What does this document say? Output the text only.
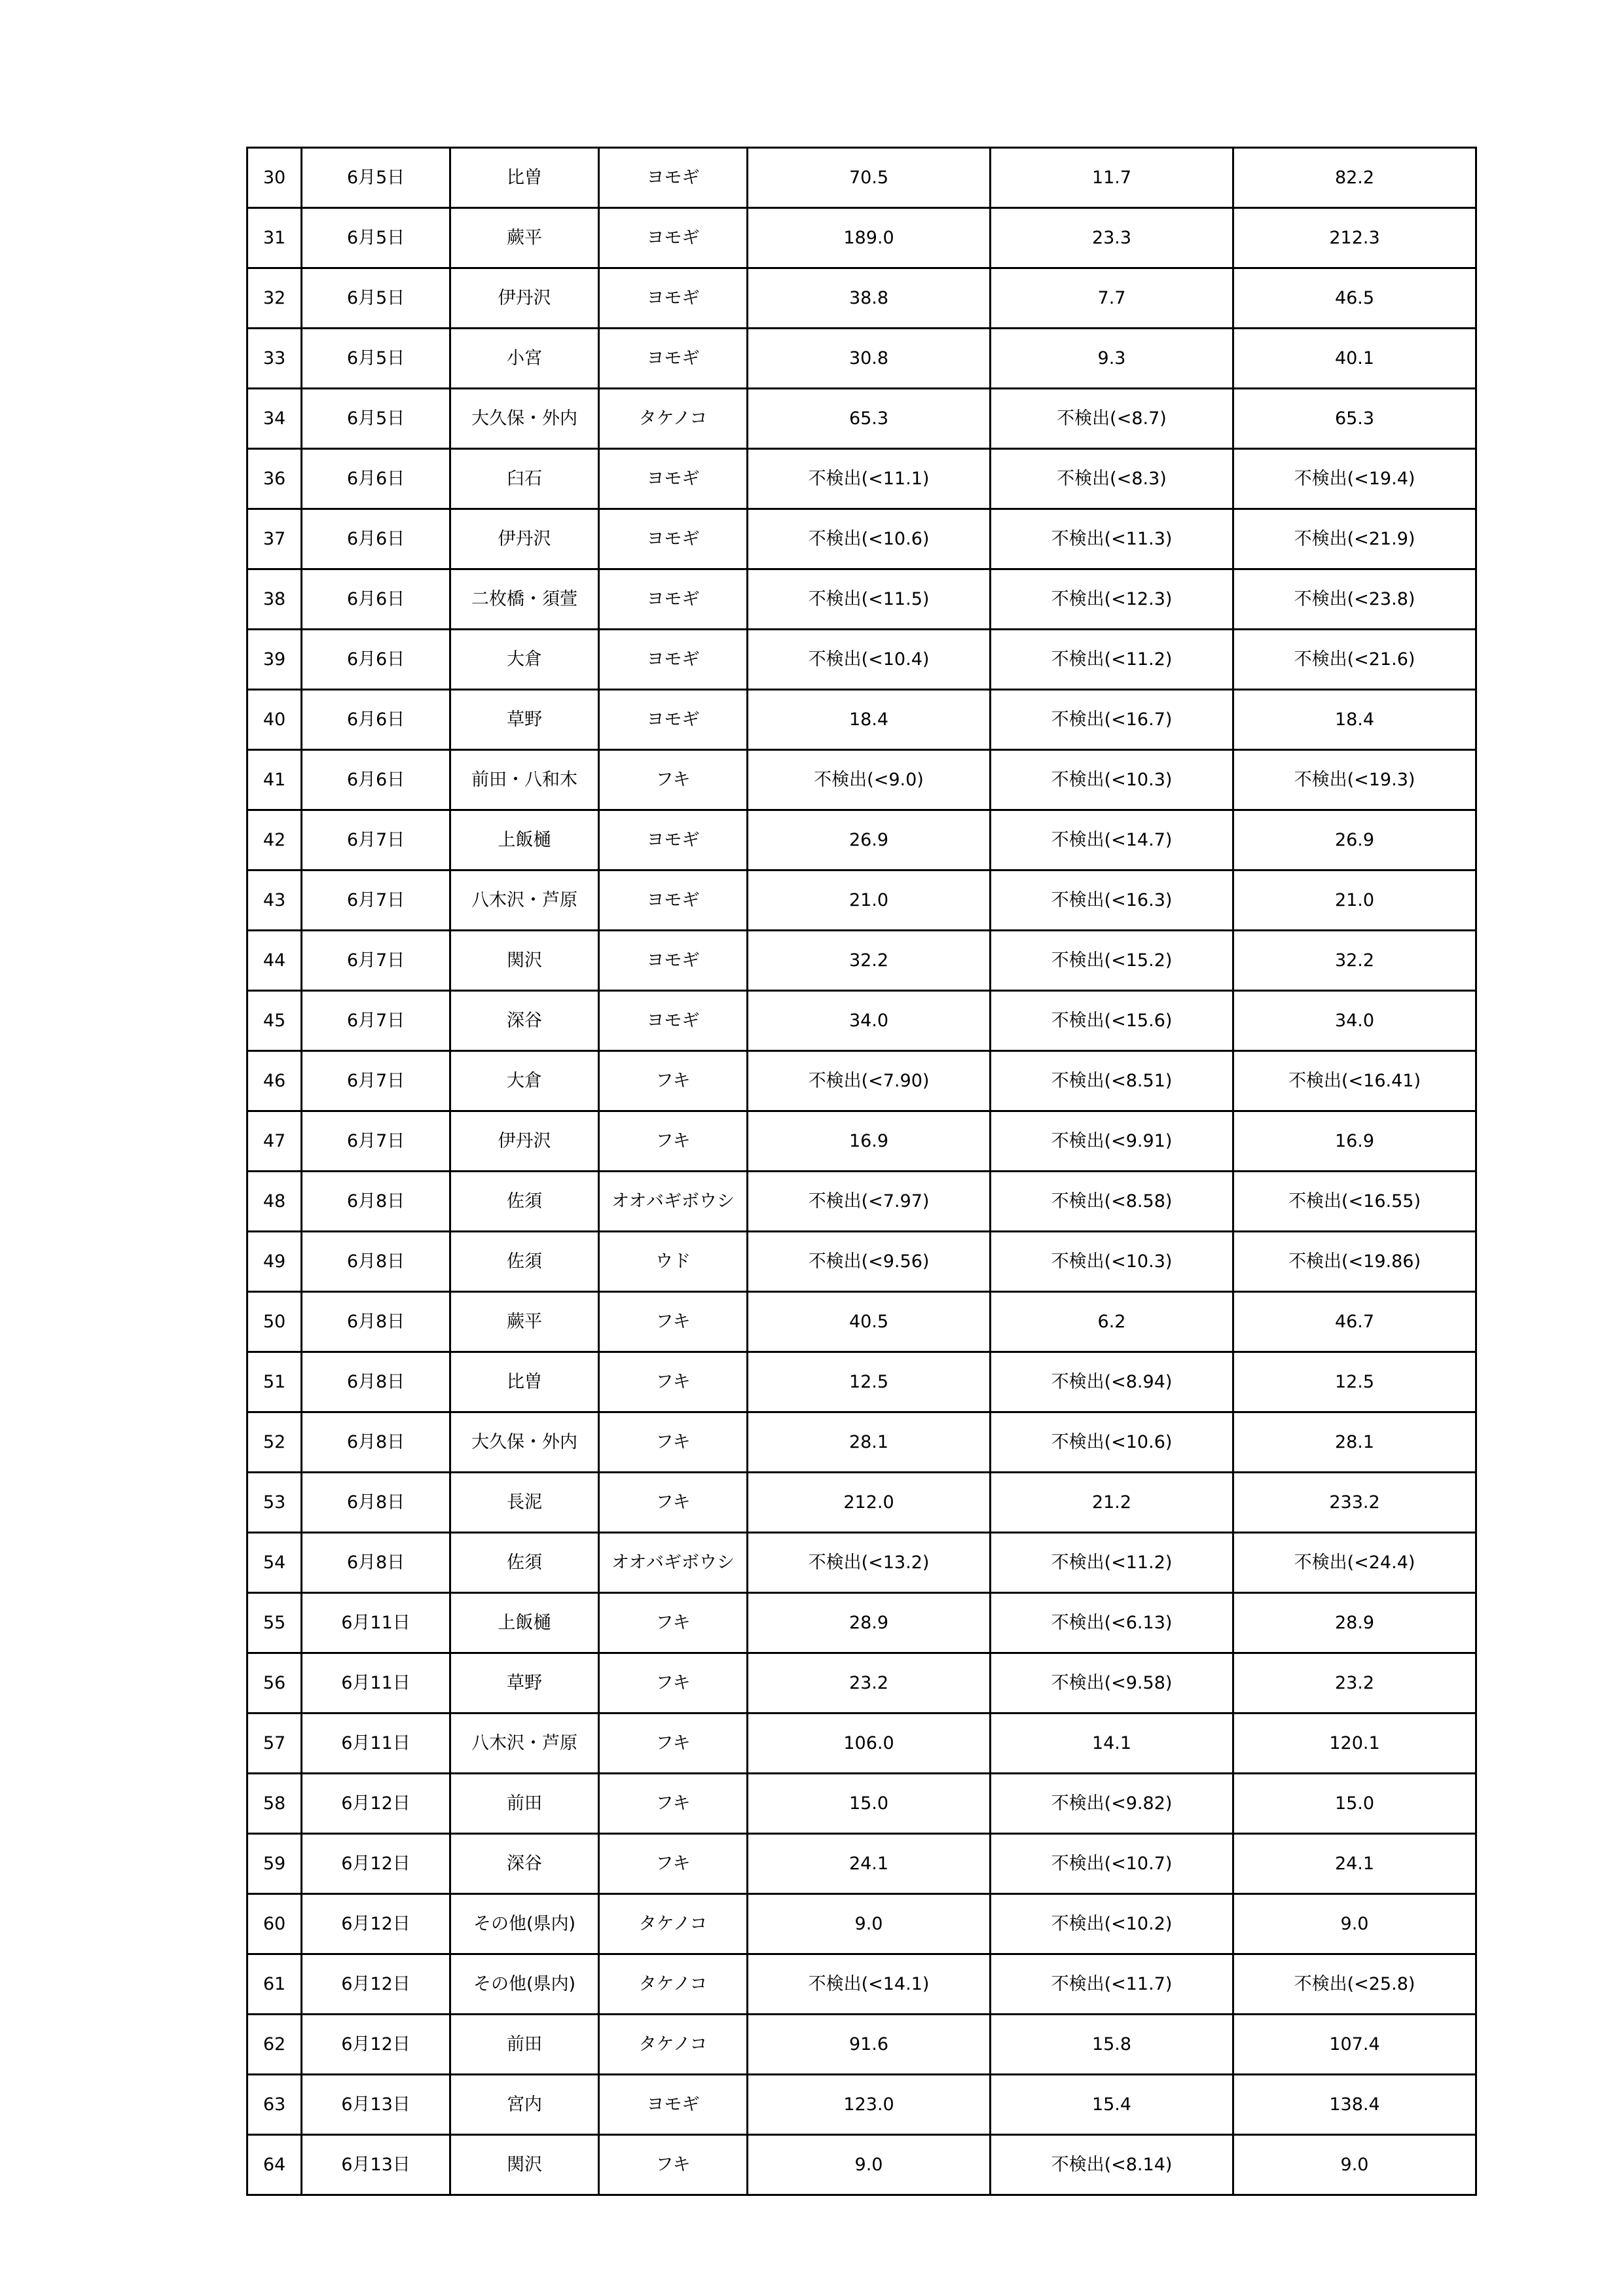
30	6月5日	比曽	ヨモギ	70.5	11.7	82.2
31	6月5日	蕨平	ヨモギ	189.0	23.3	212.3
32	6月5日	伊丹沢	ヨモギ	38.8	7.7	46.5
33	6月5日	小宮	ヨモギ	30.8	9.3	40.1
34	6月5日	大久保・外内	タケノコ	65.3	不検出(<8.7)	65.3
36	6月6日	臼石	ヨモギ	不検出(<11.1)	不検出(<8.3)	不検出(<19.4)
37	6月6日	伊丹沢	ヨモギ	不検出(<10.6)	不検出(<11.3)	不検出(<21.9)
38	6月6日	二枚橋・須萱	ヨモギ	不検出(<11.5)	不検出(<12.3)	不検出(<23.8)
39	6月6日	大倉	ヨモギ	不検出(<10.4)	不検出(<11.2)	不検出(<21.6)
40	6月6日	草野	ヨモギ	18.4	不検出(<16.7)	18.4
41	6月6日	前田・八和木	フキ	不検出(<9.0)	不検出(<10.3)	不検出(<19.3)
42	6月7日	上飯樋	ヨモギ	26.9	不検出(<14.7)	26.9
43	6月7日	八木沢・芦原	ヨモギ	21.0	不検出(<16.3)	21.0
44	6月7日	関沢	ヨモギ	32.2	不検出(<15.2)	32.2
45	6月7日	深谷	ヨモギ	34.0	不検出(<15.6)	34.0
46	6月7日	大倉	フキ	不検出(<7.90)	不検出(<8.51)	不検出(<16.41)
47	6月7日	伊丹沢	フキ	16.9	不検出(<9.91)	16.9
48	6月8日	佐須	オオバギボウシ	不検出(<7.97)	不検出(<8.58)	不検出(<16.55)
49	6月8日	佐須	ウド	不検出(<9.56)	不検出(<10.3)	不検出(<19.86)
50	6月8日	蕨平	フキ	40.5	6.2	46.7
51	6月8日	比曽	フキ	12.5	不検出(<8.94)	12.5
52	6月8日	大久保・外内	フキ	28.1	不検出(<10.6)	28.1
53	6月8日	長泥	フキ	212.0	21.2	233.2
54	6月8日	佐須	オオバギボウシ	不検出(<13.2)	不検出(<11.2)	不検出(<24.4)
55	6月11日	上飯樋	フキ	28.9	不検出(<6.13)	28.9
56	6月11日	草野	フキ	23.2	不検出(<9.58)	23.2
57	6月11日	八木沢・芦原	フキ	106.0	14.1	120.1
58	6月12日	前田	フキ	15.0	不検出(<9.82)	15.0
59	6月12日	深谷	フキ	24.1	不検出(<10.7)	24.1
60	6月12日	その他(県内)	タケノコ	9.0	不検出(<10.2)	9.0
61	6月12日	その他(県内)	タケノコ	不検出(<14.1)	不検出(<11.7)	不検出(<25.8)
62	6月12日	前田	タケノコ	91.6	15.8	107.4
63	6月13日	宮内	ヨモギ	123.0	15.4	138.4
64	6月13日	関沢	フキ	9.0	不検出(<8.14)	9.0
